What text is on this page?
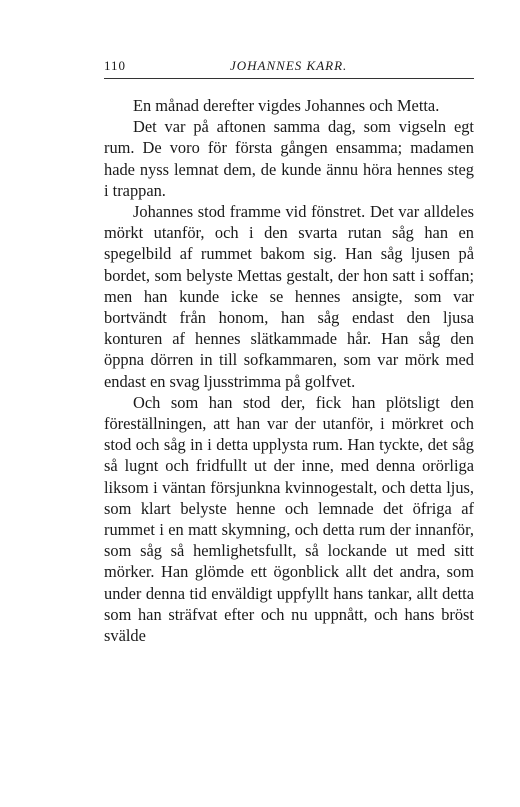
110	JOHANNES KARR.

En månad derefter vigdes Johannes och Metta.

Det var på aftonen samma dag, som vigseln egt rum. De voro för första gången ensamma; madamen hade nyss lemnat dem, de kunde ännu höra hennes steg i trappan.

Johannes stod framme vid fönstret. Det var alldeles mörkt utanför, och i den svarta rutan såg han en spegelbild af rummet bakom sig. Han såg ljusen på bordet, som belyste Mettas gestalt, der hon satt i soffan; men han kunde icke se hennes ansigte, som var bortvändt från honom, han såg endast den ljusa konturen af hennes slätkammade hår. Han såg den öppna dörren in till sofkammaren, som var mörk med endast en svag ljusstrimma på golfvet.

Och som han stod der, fick han plötsligt den föreställningen, att han var der utanför, i mörkret och stod och såg in i detta upplysta rum. Han tyckte, det såg så lugnt och fridfullt ut der inne, med denna orörliga liksom i väntan försjunkna kvinnogestalt, och detta ljus, som klart belyste henne och lemnade det öfriga af rummet i en matt skymning, och detta rum der innanför, som såg så hemlighetsfullt, så lockande ut med sitt mörker. Han glömde ett ögonblick allt det andra, som under denna tid enväldigt uppfyllt hans tankar, allt detta som han sträfvat efter och nu uppnått, och hans bröst svälde
